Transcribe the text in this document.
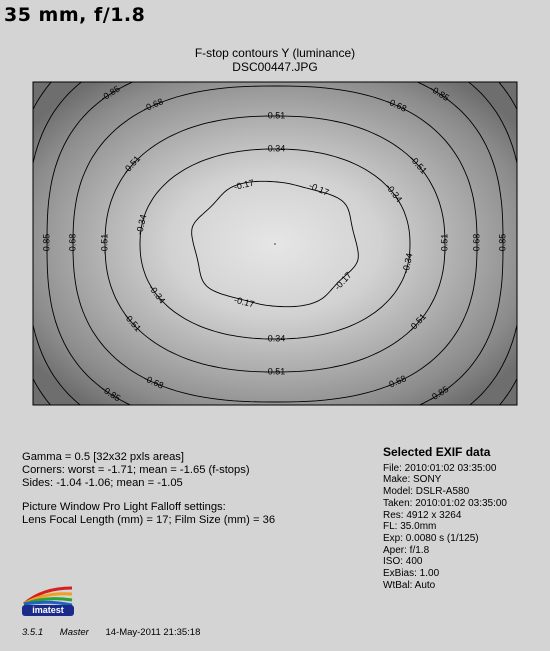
35 mm, f/1.8
F-stop contours Y (luminance)
DSC00447.JPG
-0.17
-0.17
-0.17
-0.17
-0.34
-0.34
-0.34
-0.34
-0.34
-0.34
-0.51
-0.51
-0.51
-0.51
-0.51	-0.51
-0.51
-0.51
-0.68	-0.68
-0.68
-0.68
-0.68
-0.68
-0.85	-0.85
-0.85
-0.85
-0.85
-0.85
Gamma = 0.5 [32x32 pxls areas]
Corners: worst = -1.71; mean = -1.65 (f-stops)
Sides: -1.04 -1.06; mean = -1.05
Picture Window Pro Light Falloff settings:
Lens Focal Length (mm) = 17; Film Size (mm) = 36
Selected EXIF data
File: 2010:01:02 03:35:00
Make: SONY
Model: DSLR-A580
Taken: 2010:01:02 03:35:00
Res: 4912 x 3264
FL: 35.0mm
Exp: 0.0080 s (1/125)
Aper: f/1.8
ISO: 400
ExBias: 1.00
WtBal: Auto
imatest
3.5.1 Master 14-May-2011 21:35:18
